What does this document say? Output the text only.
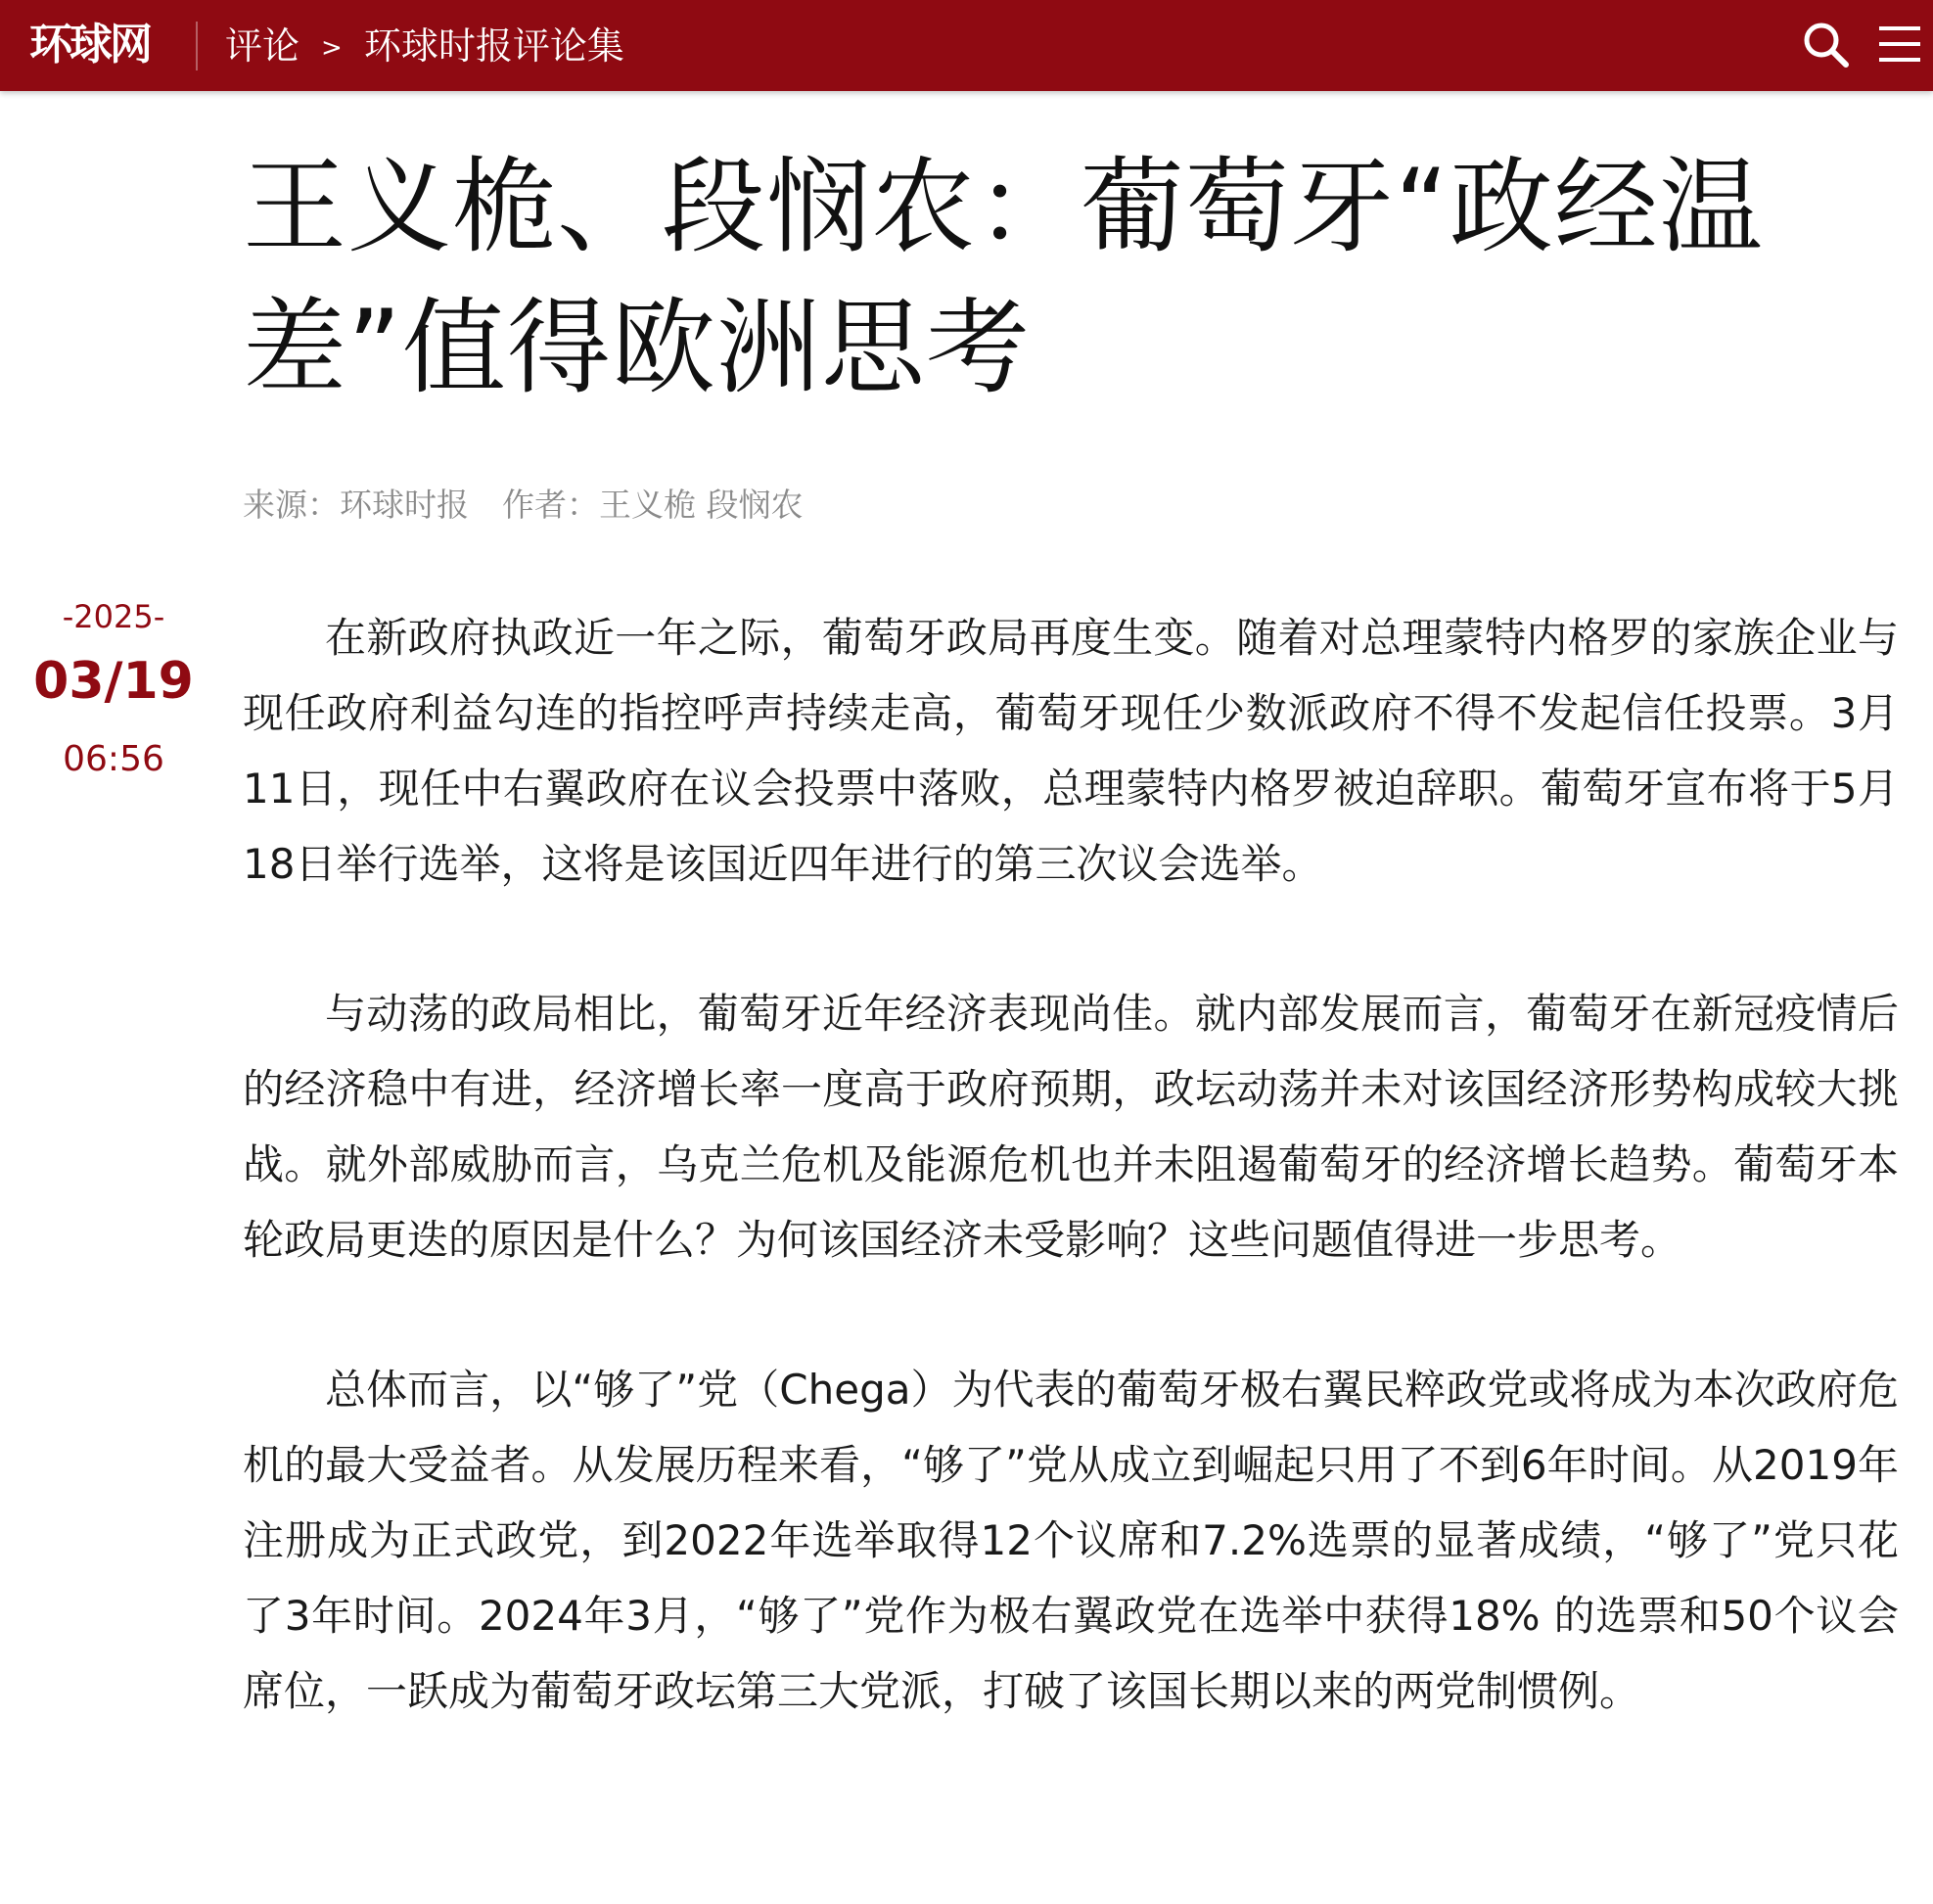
环球网 评论 > 环球时报评论集
王义桅、段悯农：葡萄牙“政经温差”值得欧洲思考
来源：环球时报 作者：王义桅 段悯农
-2025-
03/19
06:56

在新政府执政近一年之际，葡萄牙政局再度生变。随着对总理蒙特内格罗的家族企业与现任政府利益勾连的指控呼声持续走高，葡萄牙现任少数派政府不得不发起信任投票。3月11日，现任中右翼政府在议会投票中落败，总理蒙特内格罗被迫辞职。葡萄牙宣布将于5月18日举行选举，这将是该国近四年进行的第三次议会选举。

与动荡的政局相比，葡萄牙近年经济表现尚佳。就内部发展而言，葡萄牙在新冠疫情后的经济稳中有进，经济增长率一度高于政府预期，政坛动荡并未对该国经济形势构成较大挑战。就外部威胁而言，乌克兰危机及能源危机也并未阻遏葡萄牙的经济增长趋势。葡萄牙本轮政局更迭的原因是什么？为何该国经济未受影响？这些问题值得进一步思考。

总体而言，以“够了”党（Chega）为代表的葡萄牙极右翼民粹政党或将成为本次政府危机的最大受益者。从发展历程来看，“够了”党从成立到崛起只用了不到6年时间。从2019年注册成为正式政党，到2022年选举取得12个议席和7.2%选票的显著成绩，“够了”党只花了3年时间。2024年3月，“够了”党作为极右翼政党在选举中获得18% 的选票和50个议会席位，一跃成为葡萄牙政坛第三大党派，打破了该国长期以来的两党制惯例。
